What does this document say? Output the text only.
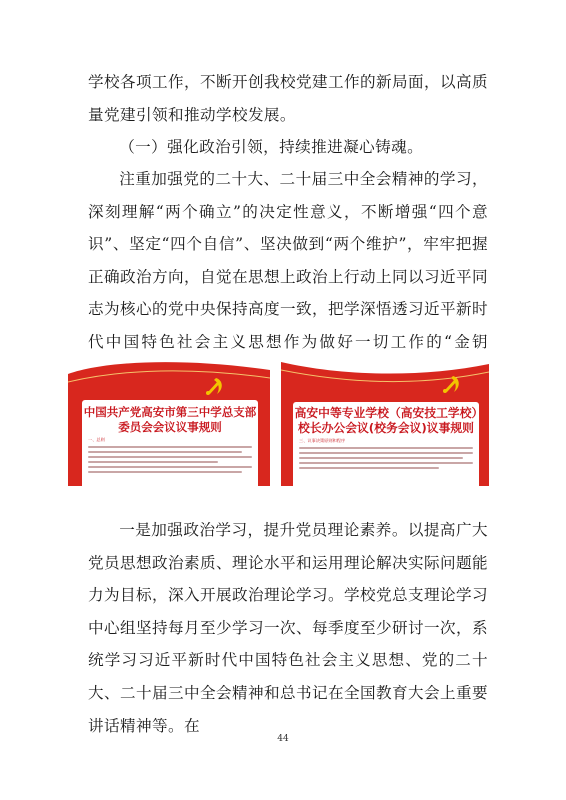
学校各项工作，不断开创我校党建工作的新局面，以高质量党建引领和推动学校发展。

（一）强化政治引领，持续推进凝心铸魂。

注重加强党的二十大、二十届三中全会精神的学习，深刻理解“两个确立”的决定性意义，不断增强“四个意识”、坚定“四个自信”、坚决做到“两个维护”，牢牢把握正确政治方向，自觉在思想上政治上行动上同以习近平同志为核心的党中央保持高度一致，把学深悟透习近平新时代中国特色社会主义思想作为做好一切工作的“金钥

中国共产党高安市第三中学总支部委员会会议议事规则

一、总则

高安中等专业学校（高安技工学校）校长办公会议(校务会议)议事规则

三、议事决策原则和程序

一是加强政治学习，提升党员理论素养。以提高广大党员思想政治素质、理论水平和运用理论解决实际问题能力为目标，深入开展政治理论学习。学校党总支理论学习中心组坚持每月至少学习一次、每季度至少研讨一次，系统学习习近平新时代中国特色社会主义思想、党的二十大、二十届三中全会精神和总书记在全国教育大会上重要讲话精神等。在

44
